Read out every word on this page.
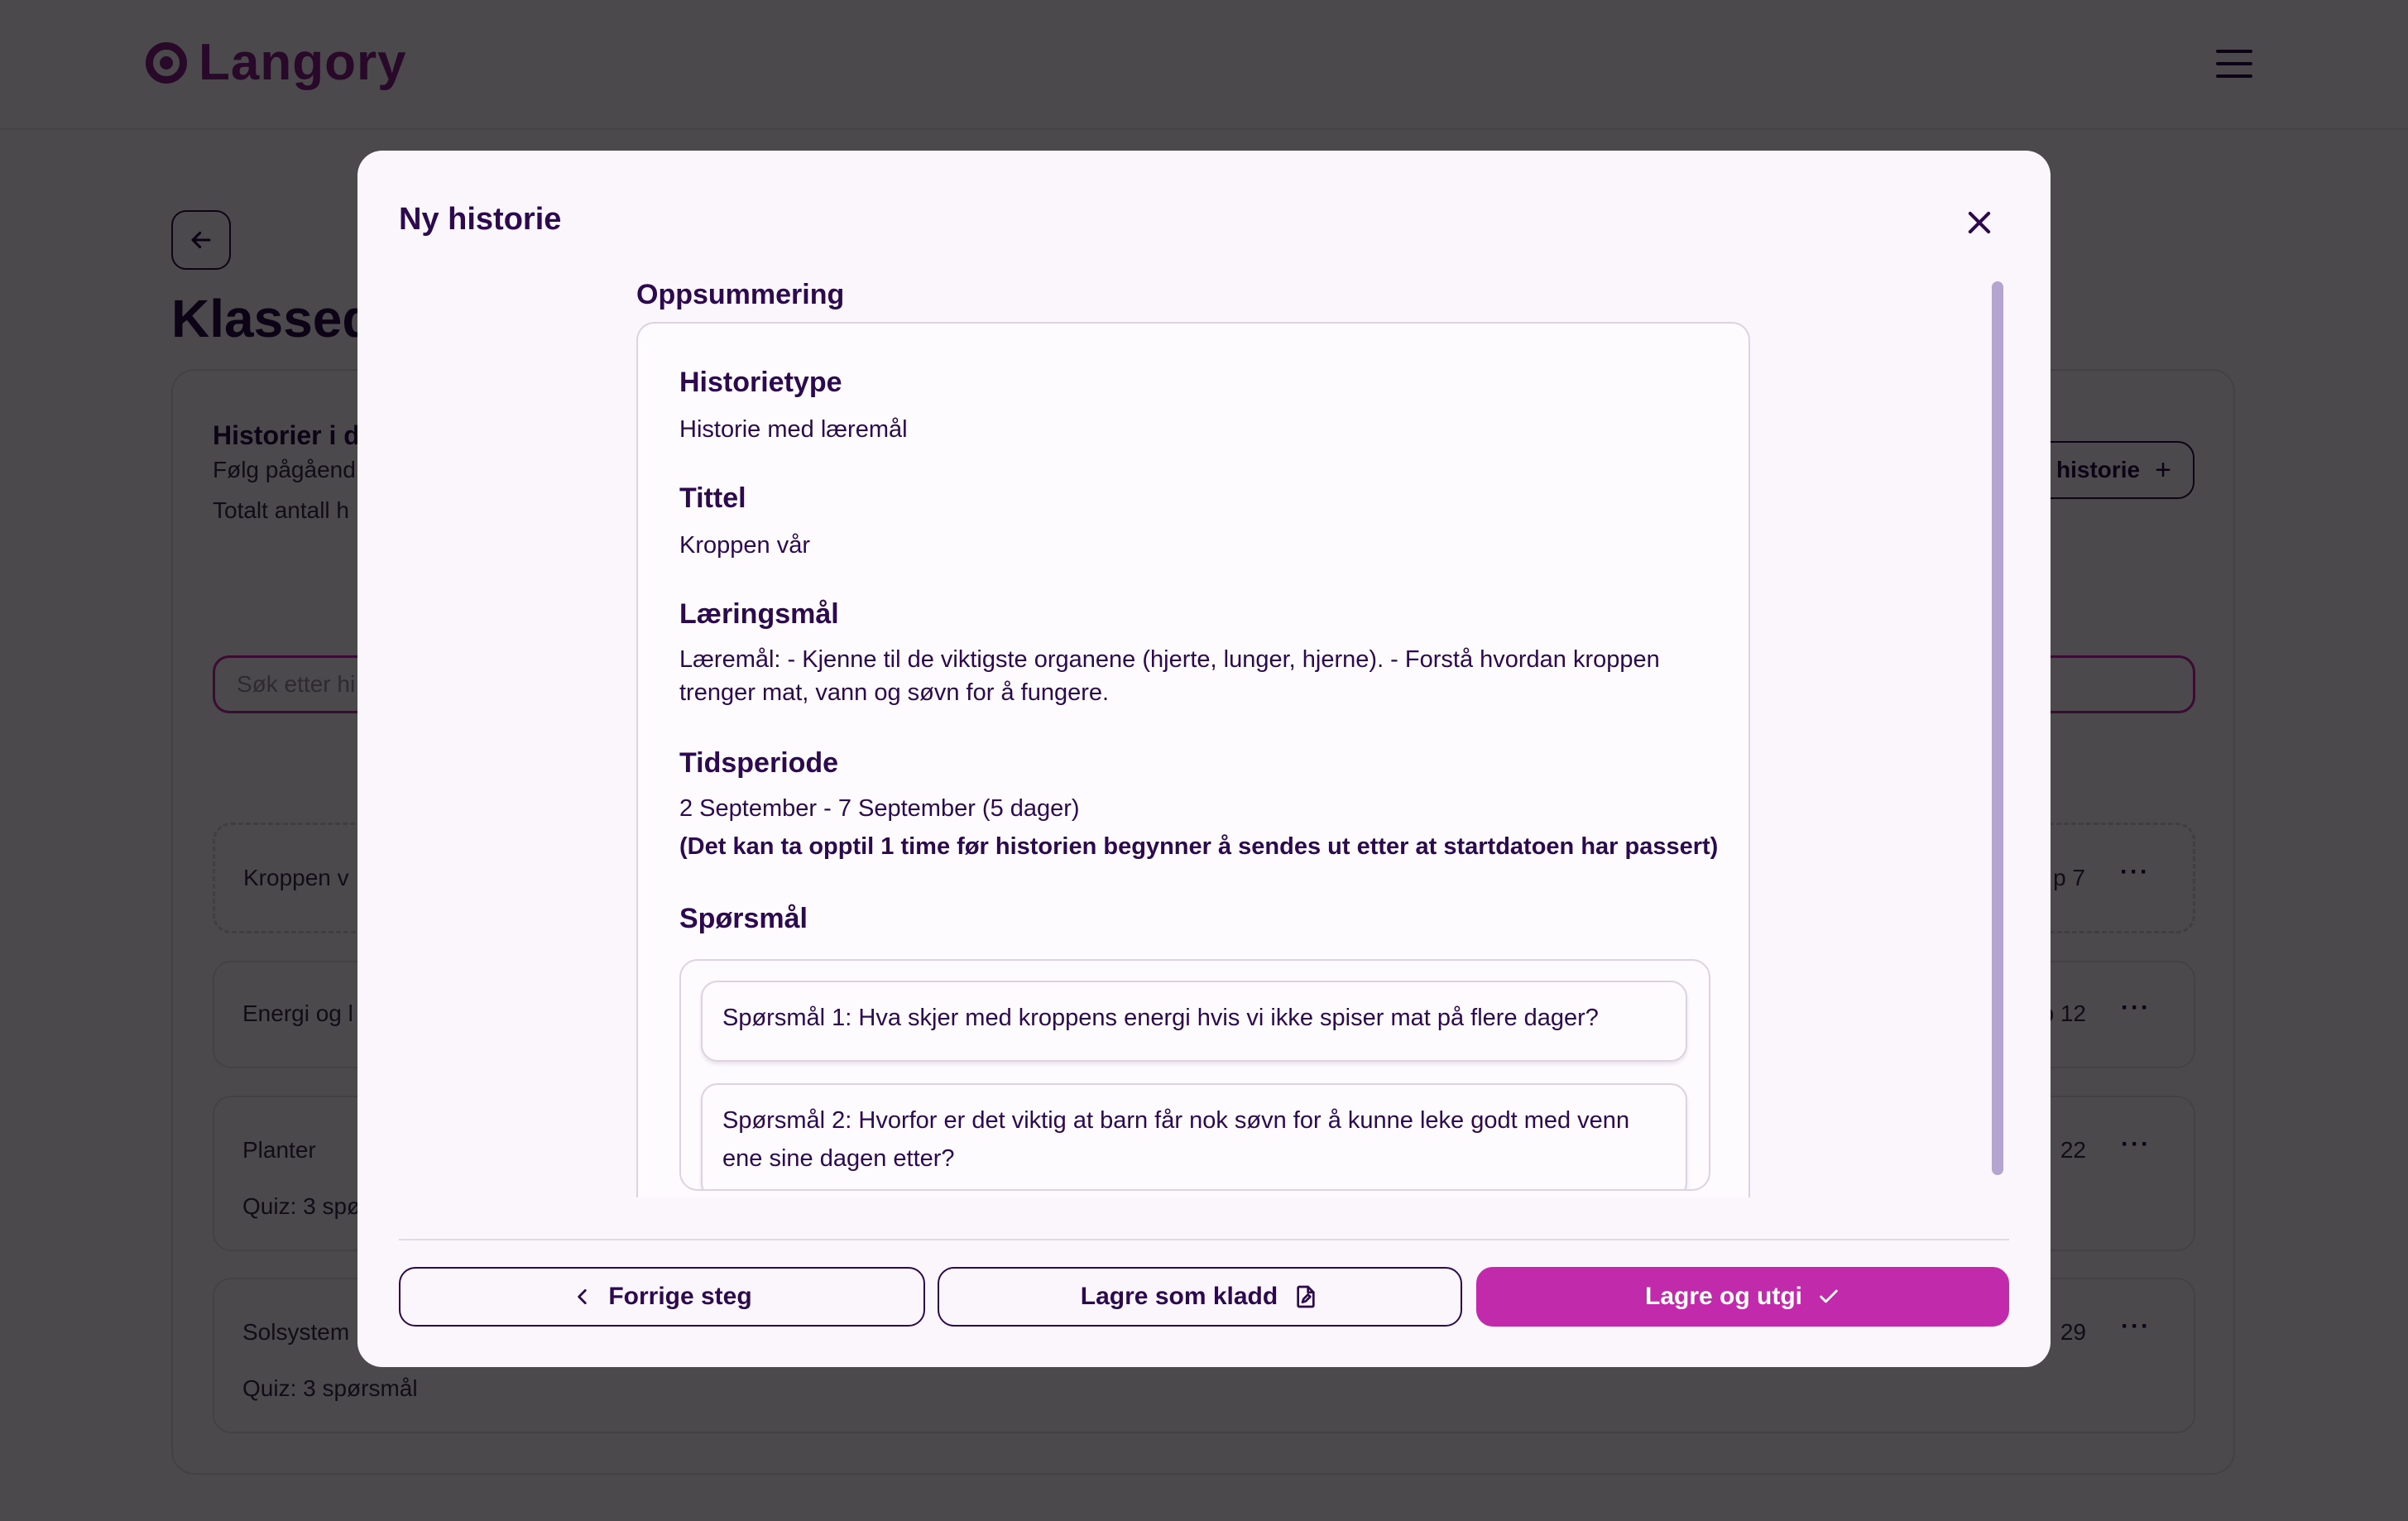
Ny historie
Oppsummering
Historietype
Historie med læremål
Tittel
Kroppen vår
Læringsmål
Læremål: - Kjenne til de viktigste organene (hjerte, lunger, hjerne). - Forstå hvordan kroppen trenger mat, vann og søvn for å fungere.
Tidsperiode
2 September - 7 September (5 dager)
(Det kan ta opptil 1 time før historien begynner å sendes ut etter at startdatoen har passert)
Spørsmål
Spørsmål 1: Hva skjer med kroppens energi hvis vi ikke spiser mat på flere dager?
Spørsmål 2: Hvorfor er det viktig at barn får nok søvn for å kunne leke godt med venn ene sine dagen etter?
Forrige steg	Lagre som kladd	Lagre og utgi
